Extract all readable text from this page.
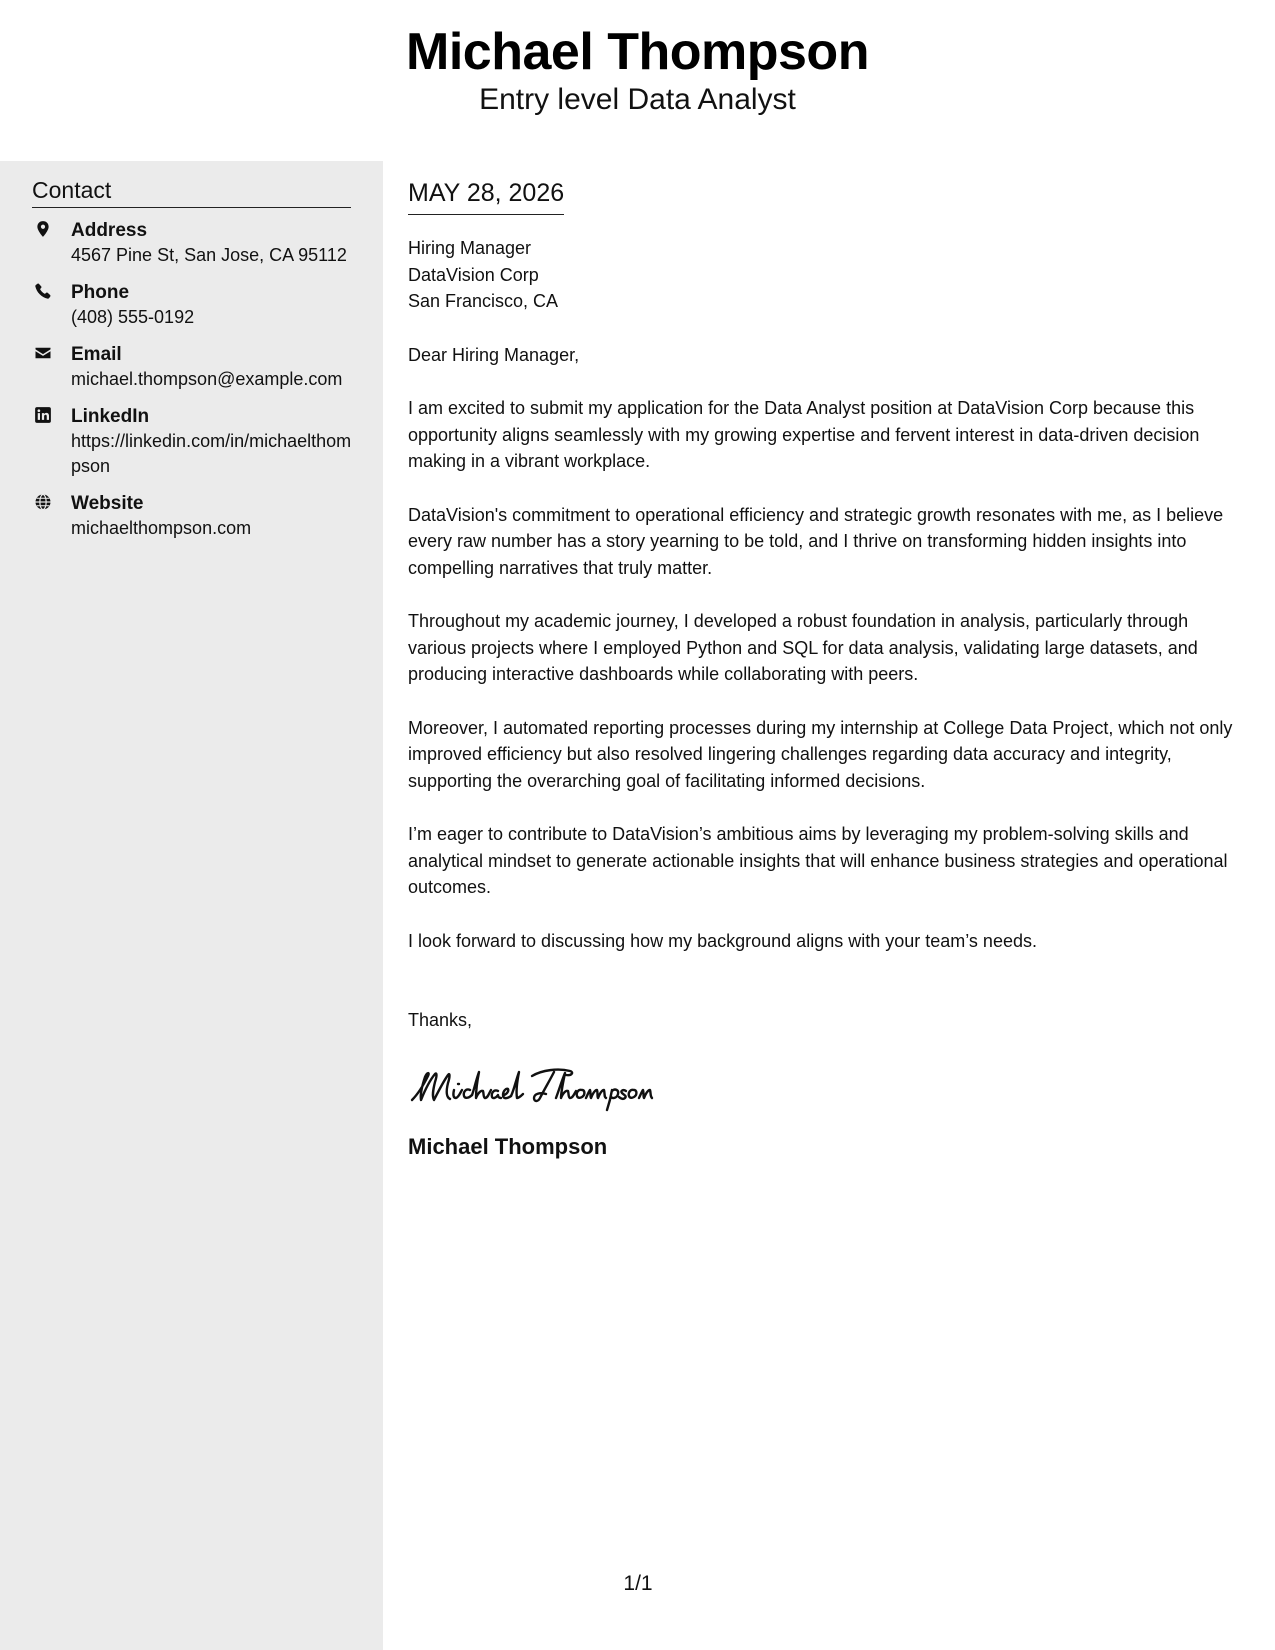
Michael Thompson
Entry level Data Analyst
Contact
Address
4567 Pine St, San Jose, CA 95112
Phone
(408) 555-0192
Email
michael.thompson@example.com
LinkedIn
https://linkedin.com/in/michaelthompson
Website
michaelthompson.com
MAY 28, 2026
Hiring Manager
DataVision Corp
San Francisco, CA
Dear Hiring Manager,
I am excited to submit my application for the Data Analyst position at DataVision Corp because this opportunity aligns seamlessly with my growing expertise and fervent interest in data-driven decision making in a vibrant workplace.
DataVision's commitment to operational efficiency and strategic growth resonates with me, as I believe every raw number has a story yearning to be told, and I thrive on transforming hidden insights into compelling narratives that truly matter.
Throughout my academic journey, I developed a robust foundation in analysis, particularly through various projects where I employed Python and SQL for data analysis, validating large datasets, and producing interactive dashboards while collaborating with peers.
Moreover, I automated reporting processes during my internship at College Data Project, which not only improved efficiency but also resolved lingering challenges regarding data accuracy and integrity, supporting the overarching goal of facilitating informed decisions.
I’m eager to contribute to DataVision’s ambitious aims by leveraging my problem-solving skills and analytical mindset to generate actionable insights that will enhance business strategies and operational outcomes.
I look forward to discussing how my background aligns with your team’s needs.
Thanks,
Michael Thompson
1/1
